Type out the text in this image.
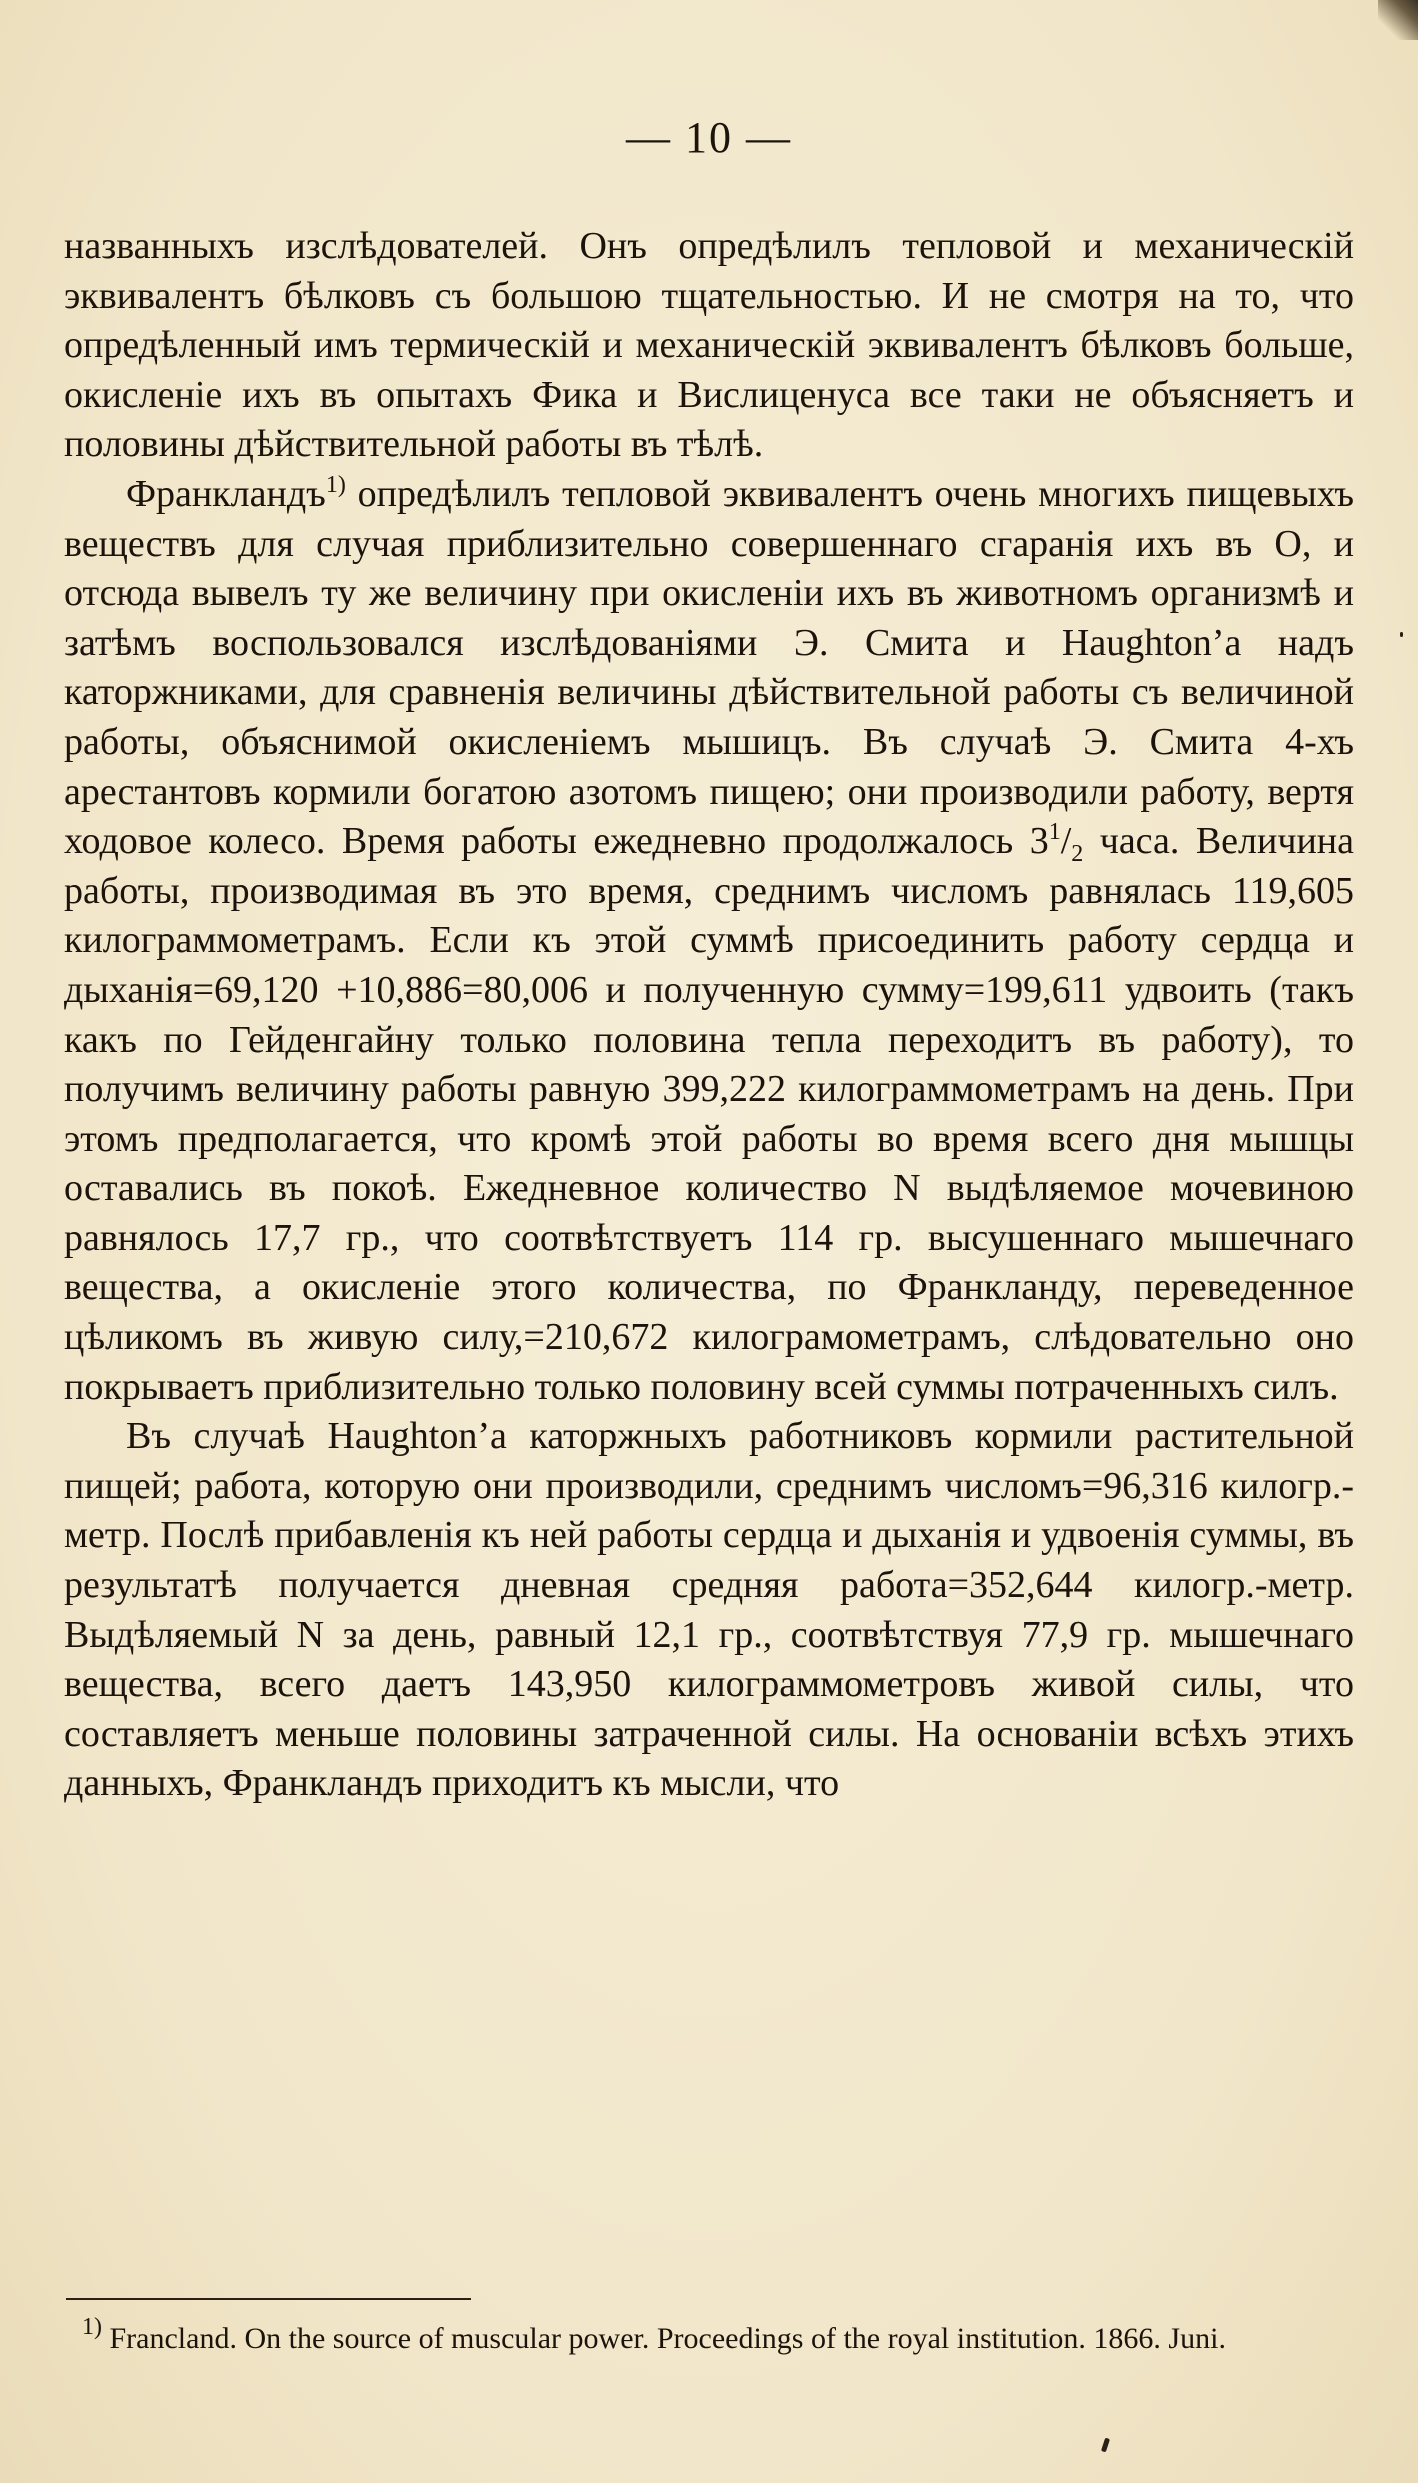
— 10 —

названныхъ изслѣдователей. Онъ опредѣлилъ тепловой и механическій эквивалентъ бѣлковъ съ большою тщательностью. И не смотря на то, что опредѣленный имъ термическій и механическій эквивалентъ бѣлковъ больше, окисленіе ихъ въ опытахъ Фика и Вислиценуса все таки не объясняетъ и половины дѣйствительной работы въ тѣлѣ.

Франкландъ$^{1)}$ опредѣлилъ тепловой эквивалентъ очень многихъ пищевыхъ веществъ для случая приблизительно совершеннаго сгаранія ихъ въ O, и отсюда вывелъ ту же величину при окисленіи ихъ въ животномъ организмѣ и затѣмъ воспользовался изслѣдованіями Э. Смита и Haughton’а надъ каторжниками, для сравненія величины дѣйствительной работы съ величиной работы, объяснимой окисленіемъ мышицъ. Въ случаѣ Э. Смита 4-хъ арестантовъ кормили богатою азотомъ пищею; они производили работу, вертя ходовое колесо. Время работы ежедневно продолжалось $3^1/_2$ часа. Величина работы, производимая въ это время, среднимъ числомъ равнялась 119,605 килограммометрамъ. Если къ этой суммѣ присоединить работу сердца и дыханія=69,120 +10,886=80,006 и полученную сумму=199,611 удвоить (такъ какъ по Гейденгайну только половина тепла переходитъ въ работу), то получимъ величину работы равную 399,222 килограммометрамъ на день. При этомъ предполагается, что кромѣ этой работы во время всего дня мышцы оставались въ покоѣ. Ежедневное количество N выдѣляемое мочевиною равнялось 17,7 гр., что соотвѣтствуетъ 114 гр. высушеннаго мышечнаго вещества, а окисленіе этого количества, по Франкланду, переведенное цѣликомъ въ живую силу,=210,672 килограмометрамъ, слѣдовательно оно покрываетъ приблизительно только половину всей суммы потраченныхъ силъ.

Въ случаѣ Haughton’а каторжныхъ работниковъ кормили растительной пищей; работа, которую они производили, среднимъ числомъ=96,316 килогр.-метр. Послѣ прибавленія къ ней работы сердца и дыханія и удвоенія суммы, въ результатѣ получается дневная средняя работа=352,644 килогр.-метр. Выдѣляемый N за день, равный 12,1 гр., соотвѣтствуя 77,9 гр. мышечнаго вещества, всего даетъ 143,950 килограммометровъ живой силы, что составляетъ меньше половины затраченной силы. На основаніи всѣхъ этихъ данныхъ, Франкландъ приходитъ къ мысли, что

$^{1)}$ Francland. On the source of muscular power. Proceedings of the royal institution. 1866. Juni.
